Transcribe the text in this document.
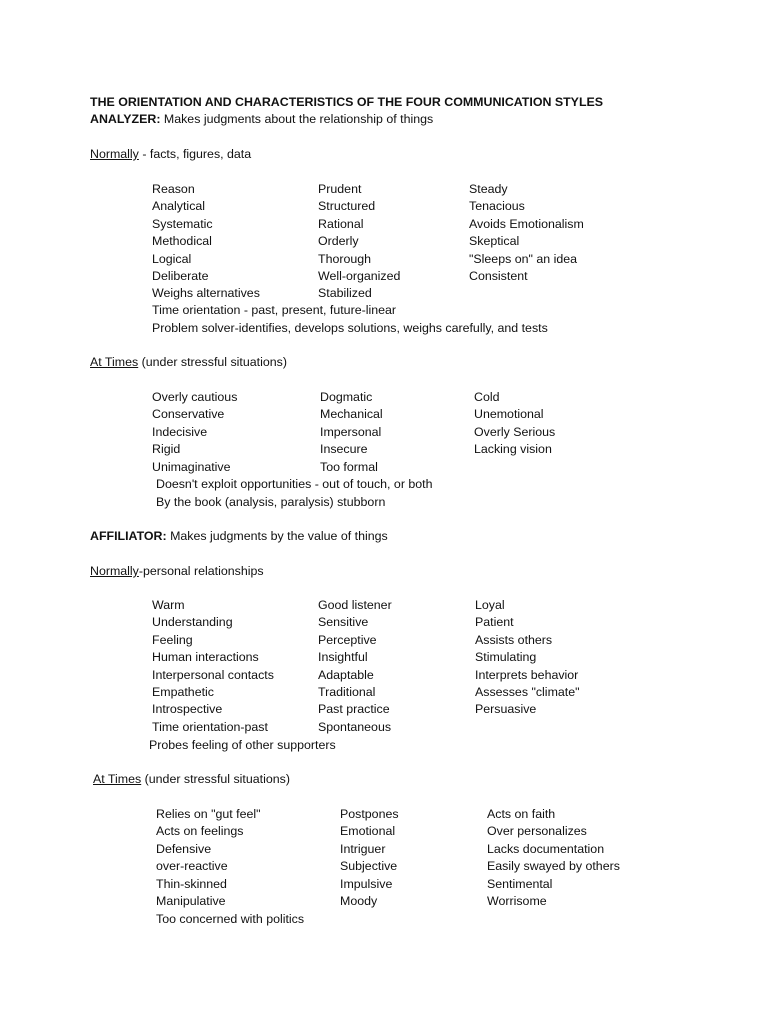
THE ORIENTATION AND CHARACTERISTICS OF THE FOUR COMMUNICATION STYLES
ANALYZER: Makes judgments about the relationship of things
Normally - facts, figures, data
Reason	Prudent	Steady
Analytical	Structured	Tenacious
Systematic	Rational	Avoids Emotionalism
Methodical	Orderly	Skeptical
Logical	Thorough	"Sleeps on" an idea
Deliberate	Well-organized	Consistent
Weighs alternatives	Stabilized
Time orientation - past, present, future-linear
Problem solver-identifies, develops solutions, weighs carefully, and tests
At Times (under stressful situations)
Overly cautious	Dogmatic	Cold
Conservative	Mechanical	Unemotional
Indecisive	Impersonal	Overly Serious
Rigid	Insecure	Lacking vision
Unimaginative	Too formal
Doesn't exploit opportunities - out of touch, or both
By the book (analysis, paralysis) stubborn
AFFILIATOR: Makes judgments by the value of things
Normally-personal relationships
Warm	Good listener	Loyal
Understanding	Sensitive	Patient
Feeling	Perceptive	Assists others
Human interactions	Insightful	Stimulating
Interpersonal contacts	Adaptable	Interprets behavior
Empathetic	Traditional	Assesses "climate"
Introspective	Past practice	Persuasive
Time orientation-past	Spontaneous
Probes feeling of other supporters
At Times (under stressful situations)
Relies on "gut feel"	Postpones	Acts on faith
Acts on feelings	Emotional	Over personalizes
Defensive	Intriguer	Lacks documentation
over-reactive	Subjective	Easily swayed by others
Thin-skinned	Impulsive	Sentimental
Manipulative	Moody	Worrisome
Too concerned with politics
